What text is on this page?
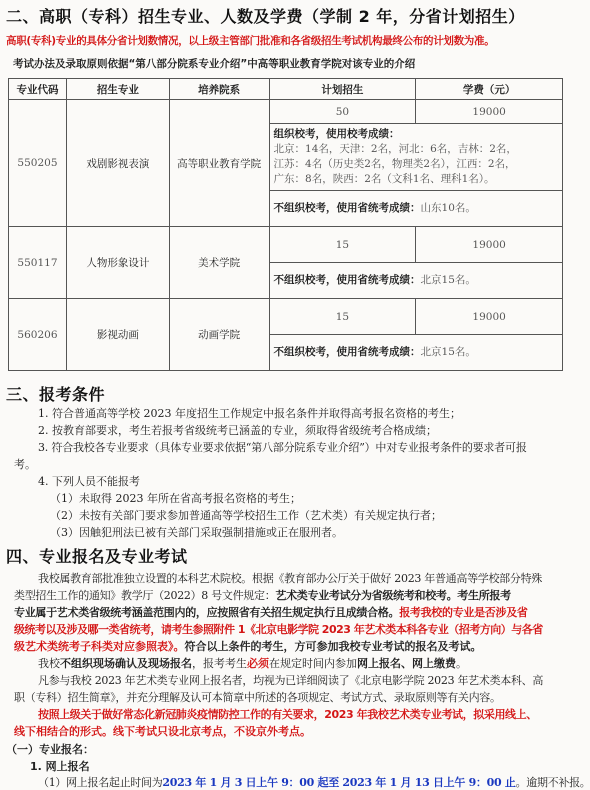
二、高职（专科）招生专业、人数及学费（学制 2 年，分省计划招生）
高职(专科)专业的具体分省计划数情况，以上级主管部门批准和各省级招生考试机构最终公布的计划数为准。
考试办法及录取原则依据“第八部分院系专业介绍”中高等职业教育学院对该专业的介绍
专业代码	招生专业	培养院系	计划招生	学费（元）
550205	戏剧影视表演	高等职业教育学院	50	19000

			组织校考，使用校考成绩：
北京：14名，天津：2名，河北：6名，吉林：2名，
江苏：4名（历史类2名，物理类2名），江西：2名，
广东：8名，陕西：2名（文科1名、理科1名）。	

			不组织校考，使用省统考成绩：山东10名。	

550117	人物形象设计	美术学院	15	19000

			不组织校考，使用省统考成绩：北京15名。	

560206	影视动画	动画学院	15	19000

			不组织校考，使用省统考成绩：北京15名。	
三、报考条件
1. 符合普通高等学校 2023 年度招生工作规定中报名条件并取得高考报名资格的考生；
2. 按教育部要求，考生若报考省级统考已涵盖的专业，须取得省级统考合格成绩；
3. 符合我校各专业要求（具体专业要求依据“第八部分院系专业介绍”）中对专业报考条件的要求者可报
考。
4. 下列人员不能报考
（1）未取得 2023 年所在省高考报名资格的考生；
（2）未按有关部门要求参加普通高等学校招生工作（艺术类）有关规定执行者；
（3）因触犯刑法已被有关部门采取强制措施或正在服刑者。
四、专业报名及专业考试
我校属教育部批准独立设置的本科艺术院校。根据《教育部办公厅关于做好 2023 年普通高等学校部分特殊
类型招生工作的通知》教学厅（2022）8 号文件规定：艺术类专业考试分为省级统考和校考。考生所报考
专业属于艺术类省级统考涵盖范围内的，应按照省有关招生规定执行且成绩合格。报考我校的专业是否涉及省
级统考以及涉及哪一类省统考，请考生参照附件 1《北京电影学院 2023 年艺术类本科各专业（招考方向）与各省
级艺术类统考子科类对应参照表》。符合以上条件的考生，方可参加我校专业考试的报名及考试。
我校不组织现场确认及现场报名，报考考生必须在规定时间内参加网上报名、网上缴费。
凡参与我校 2023 年艺术类专业网上报名者，均视为已详细阅读了《北京电影学院 2023 年艺术类本科、高
职（专科）招生简章》，并充分理解及认可本简章中所述的各项规定、考试方式、录取原则等有关内容。
按照上级关于做好常态化新冠肺炎疫情防控工作的有关要求，2023 年我校艺术类专业考试，拟采用线上、
线下相结合的形式。线下考试只设北京考点，不设京外考点。
（一）专业报名：
1. 网上报名
（1）网上报名起止时间为2023 年 1 月 3 日上午 9：00 起至 2023 年 1 月 13 日上午 9：00 止。逾期不补报。
